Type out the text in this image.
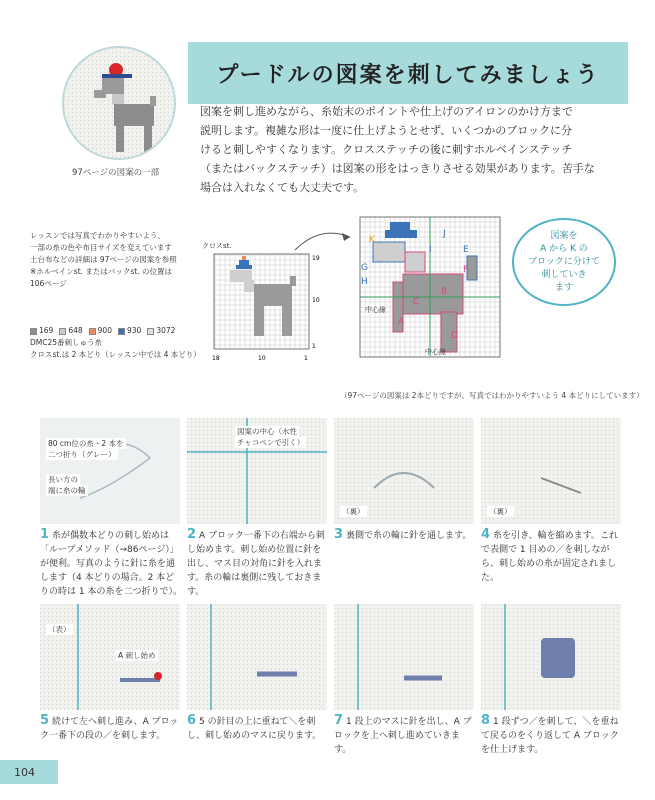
プードルの図案を刺してみましょう
97ページの図案の一部
図案を刺し進めながら、糸始末のポイントや仕上げのアイロンのかけ方まで
説明します。複雑な形は一度に仕上げようとせず、いくつかのブロックに分
けると刺しやすくなります。クロスステッチの後に刺すホルベインステッチ
（またはバックステッチ）は図案の形をはっきりさせる効果があります。苦手な
場合は入れなくても大丈夫です。
レッスンでは写真でわかりやすいよう、
一部の糸の色や布目サイズを変えています
土台布などの詳細は 97ページの図案を参照
※ホルベインst. またはバックst. の位置は
106ページ
クロスst.
19
10
1
18	10	1
K
J
E
F
G
H
I
B
C
D
A
中心線
中心線
169	648	900	930	3072
DMC25番刺しゅう糸
クロスst.は 2 本どり（レッスン中では 4 本どり）
図案を
A から K の
ブロックに分けて
刺していき
ます
（97ページの図案は 2本どりですが、写真ではわかりやすいよう 4 本どりにしています）
80 cm位の糸・2 本を
二つ折り（グレー）
長い方の
端に糸の輪
図案の中心（水性
チャコペンで引く）
（裏）	（裏）
1 糸が偶数本どりの刺し始めは「ループメソッド（→86ページ）」が便利。写真のように針に糸を通します（4 本どりの場合。2 本どりの時は 1 本の糸を二つ折りで）。
2 A ブロック一番下の右端から刺し始めます。刺し始め位置に針を出し、マス目の対角に針を入れます。糸の輪は裏側に残しておきます。
3 裏側で糸の輪に針を通します。 4 糸を引き、輪を縮めます。これで表側で 1 目めの／を刺しながら、刺し始めの糸が固定されました。
（表）
A 刺し始め
5 続けて左へ刺し進み、A ブロック一番下の段の／を刺します。
6 5 の針目の上に重ねて＼を刺し、刺し始めのマスに戻ります。
7 1 段上のマスに針を出し、A ブロックを上へ刺し進めていきます。
8 1 段ずつ／を刺して、＼を重ねて戻るのをくり返して A ブロックを仕上げます。
104
